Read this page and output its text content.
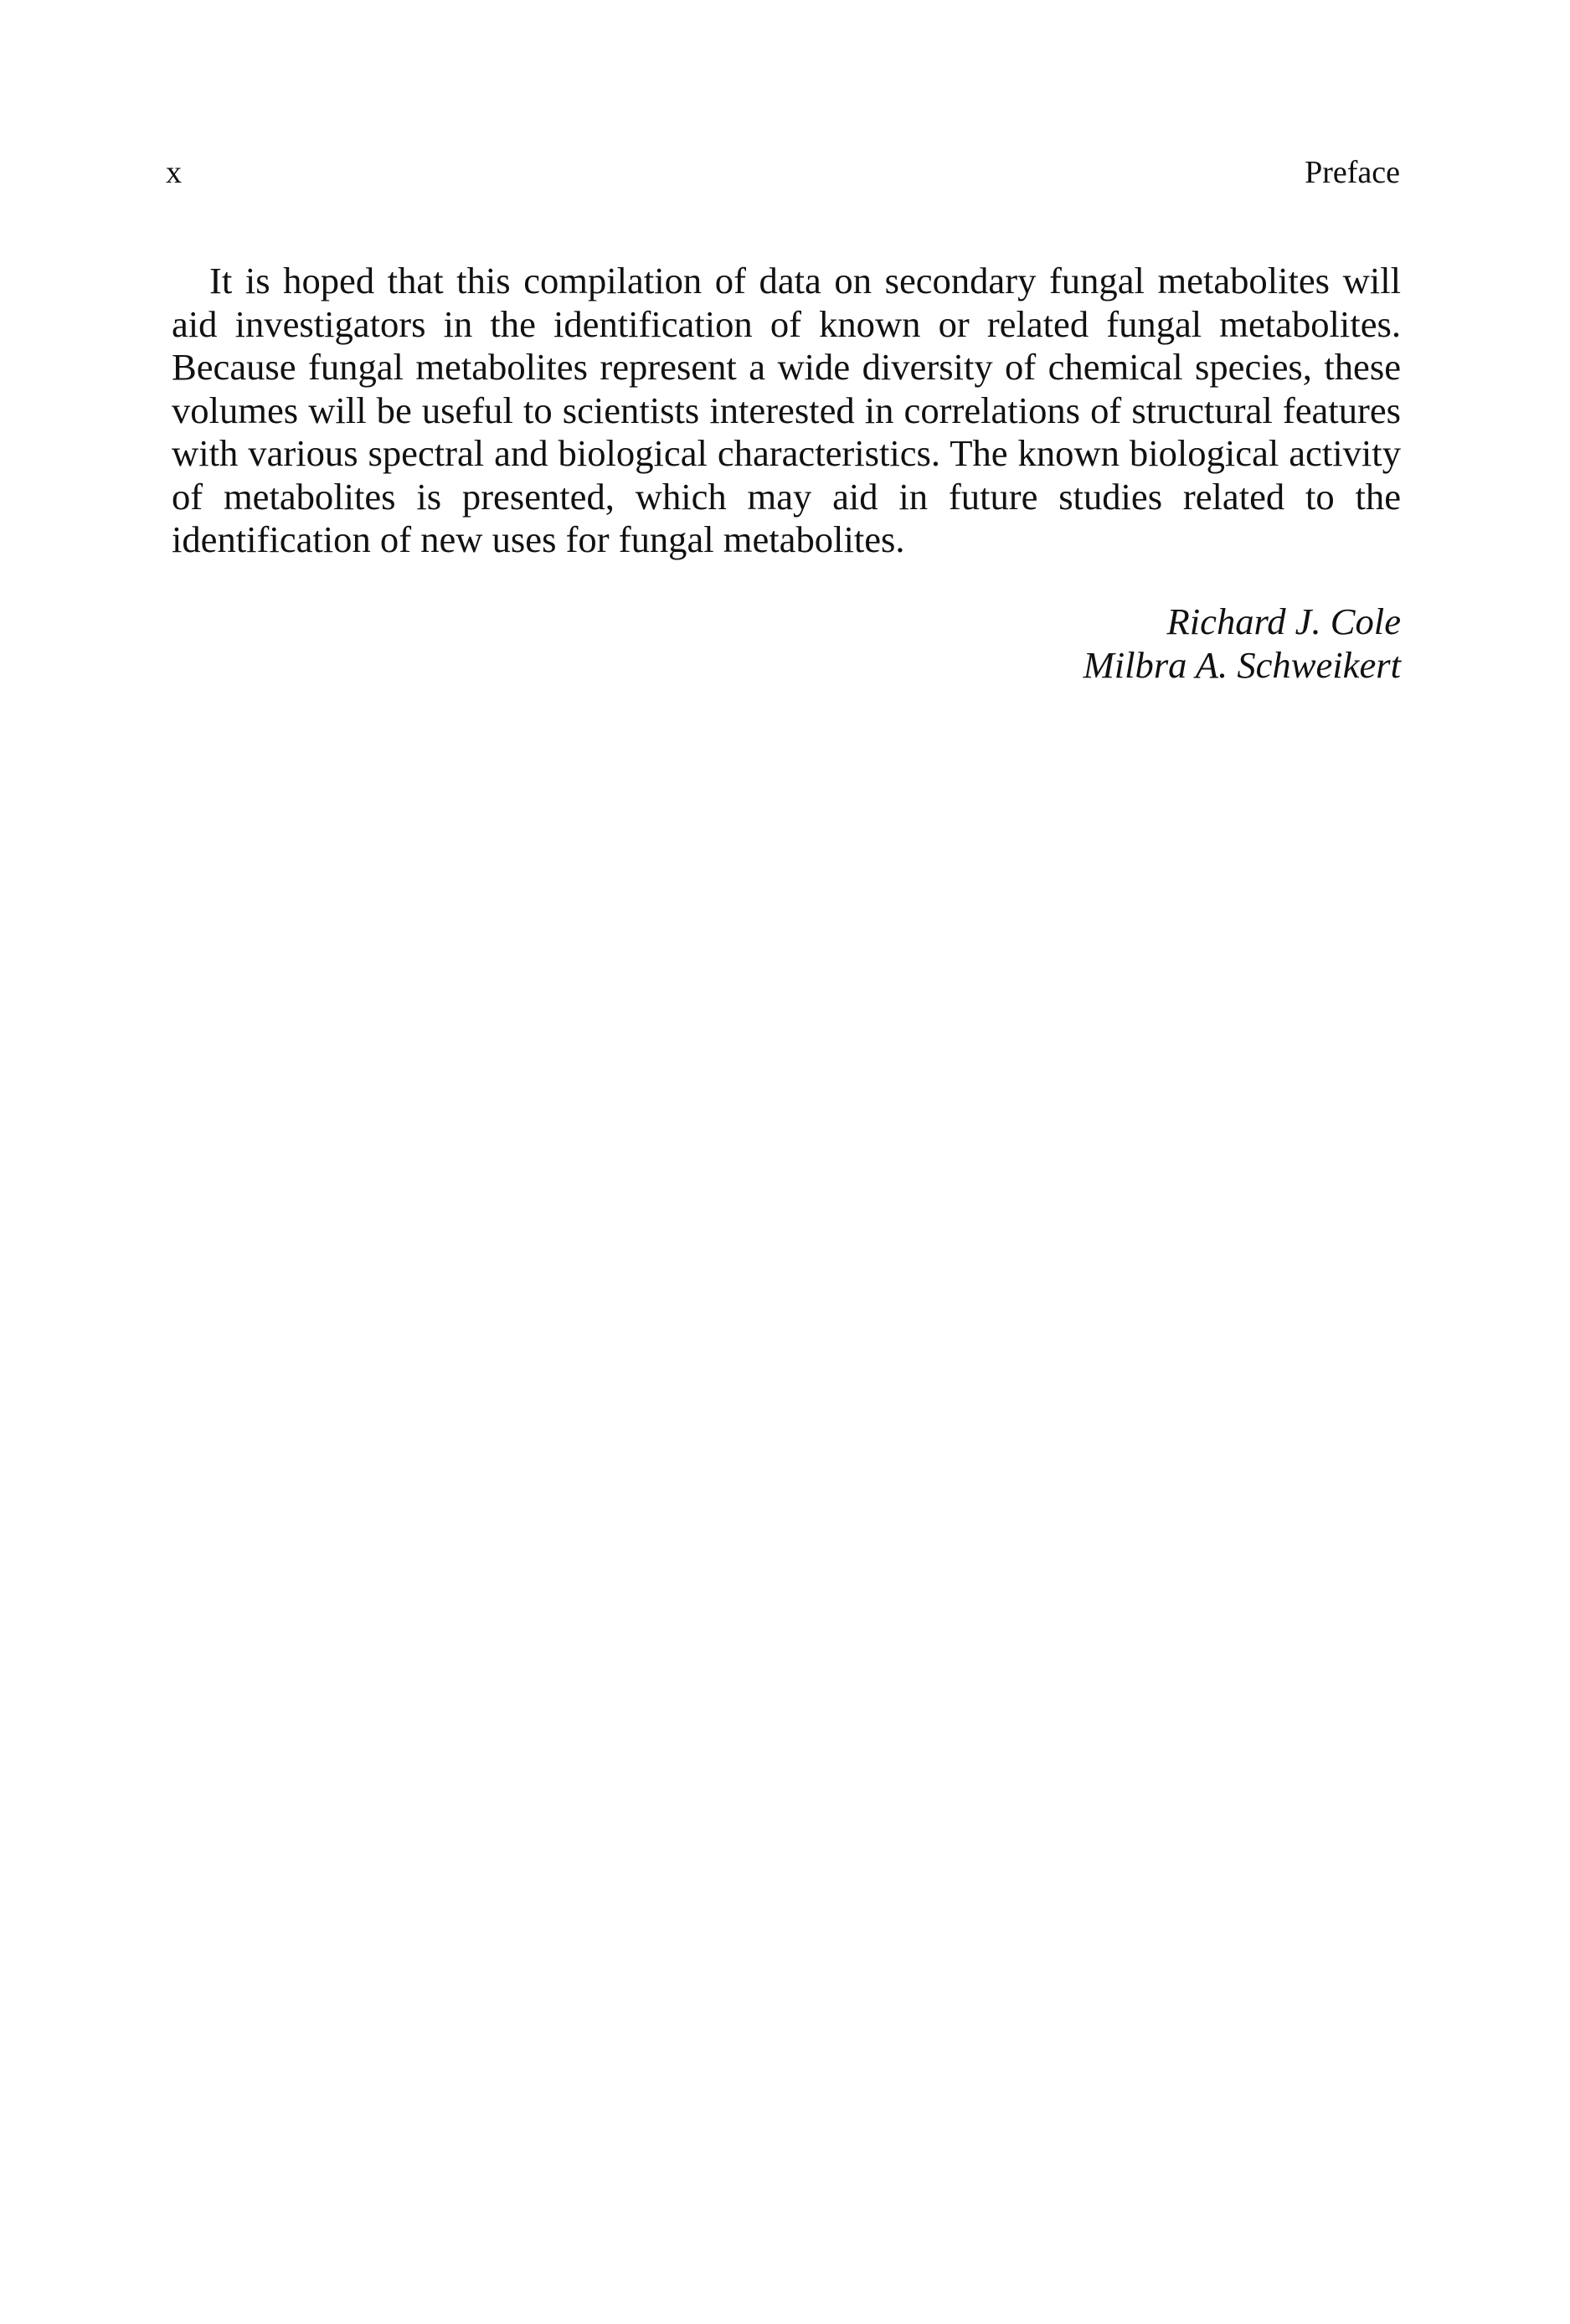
x	Preface

It is hoped that this compilation of data on secondary fungal metabolites will aid investigators in the identification of known or related fungal metabolites. Because fungal metabolites represent a wide diversity of chemical species, these volumes will be useful to scientists interested in correlations of structural features with various spectral and biological characteristics. The known biological activity of metabolites is presented, which may aid in future studies related to the identification of new uses for fungal metabolites.

Richard J. Cole
Milbra A. Schweikert
